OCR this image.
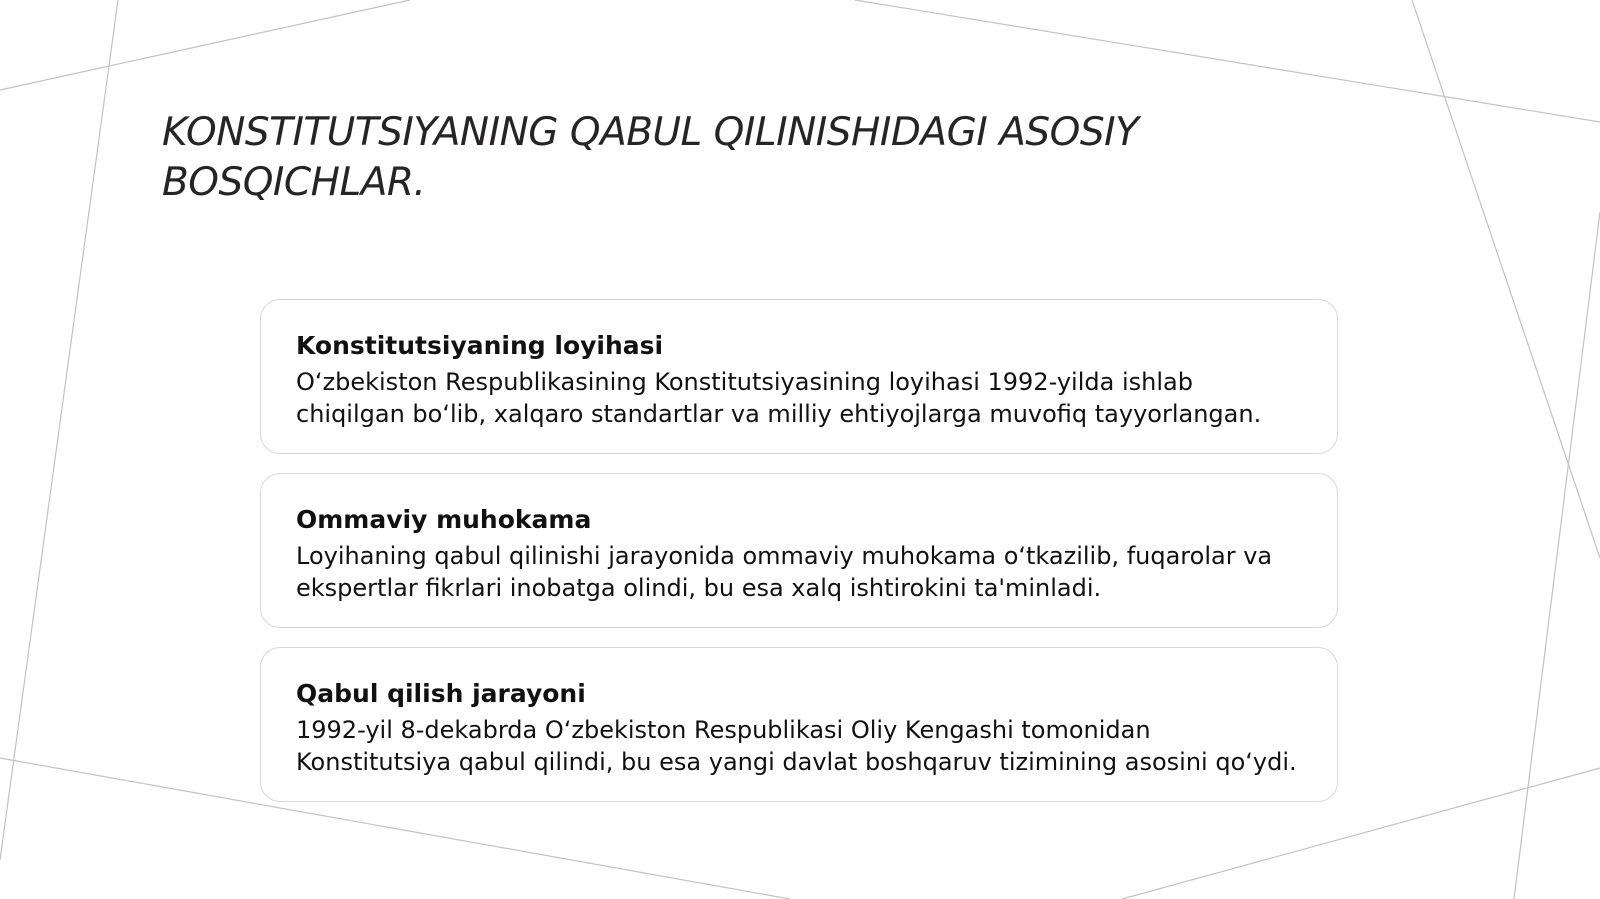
KONSTITUTSIYANING QABUL QILINISHIDAGI ASOSIY BOSQICHLAR.
Konstitutsiyaning loyihasi
O‘zbekiston Respublikasining Konstitutsiyasining loyihasi 1992-yilda ishlab chiqilgan bo‘lib, xalqaro standartlar va milliy ehtiyojlarga muvofiq tayyorlangan.
Ommaviy muhokama
Loyihaning qabul qilinishi jarayonida ommaviy muhokama o‘tkazilib, fuqarolar va ekspertlar fikrlari inobatga olindi, bu esa xalq ishtirokini ta'minladi.
Qabul qilish jarayoni
1992-yil 8-dekabrda O‘zbekiston Respublikasi Oliy Kengashi tomonidan Konstitutsiya qabul qilindi, bu esa yangi davlat boshqaruv tizimining asosini qo‘ydi.
